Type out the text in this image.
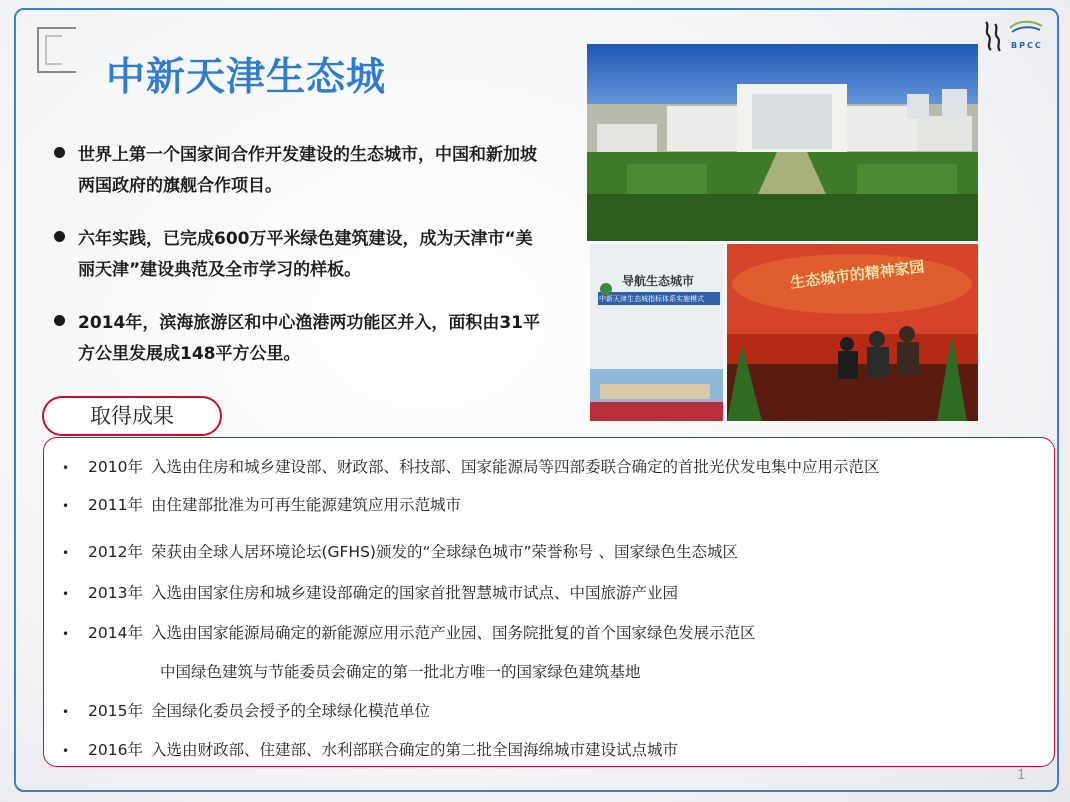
中新天津生态城
BPCC
世界上第一个国家间合作开发建设的生态城市，中国和新加坡两国政府的旗舰合作项目。
六年实践，已完成600万平米绿色建筑建设，成为天津市“美丽天津”建设典范及全市学习的样板。
2014年，滨海旅游区和中心渔港两功能区并入，面积由31平方公里发展成148平方公里。
导航生态城市
中新天津生态城指标体系实施模式
生态城市的精神家园
取得成果
• 2010年 入选由住房和城乡建设部、财政部、科技部、国家能源局等四部委联合确定的首批光伏发电集中应用示范区
• 2011年 由住建部批准为可再生能源建筑应用示范城市
• 2012年 荣获由全球人居环境论坛(GFHS)颁发的“全球绿色城市”荣誉称号 、国家绿色生态城区
• 2013年 入选由国家住房和城乡建设部确定的国家首批智慧城市试点、中国旅游产业园
• 2014年 入选由国家能源局确定的新能源应用示范产业园、国务院批复的首个国家绿色发展示范区
中国绿色建筑与节能委员会确定的第一批北方唯一的国家绿色建筑基地
• 2015年 全国绿化委员会授予的全球绿化模范单位
• 2016年 入选由财政部、住建部、水利部联合确定的第二批全国海绵城市建设试点城市
1
